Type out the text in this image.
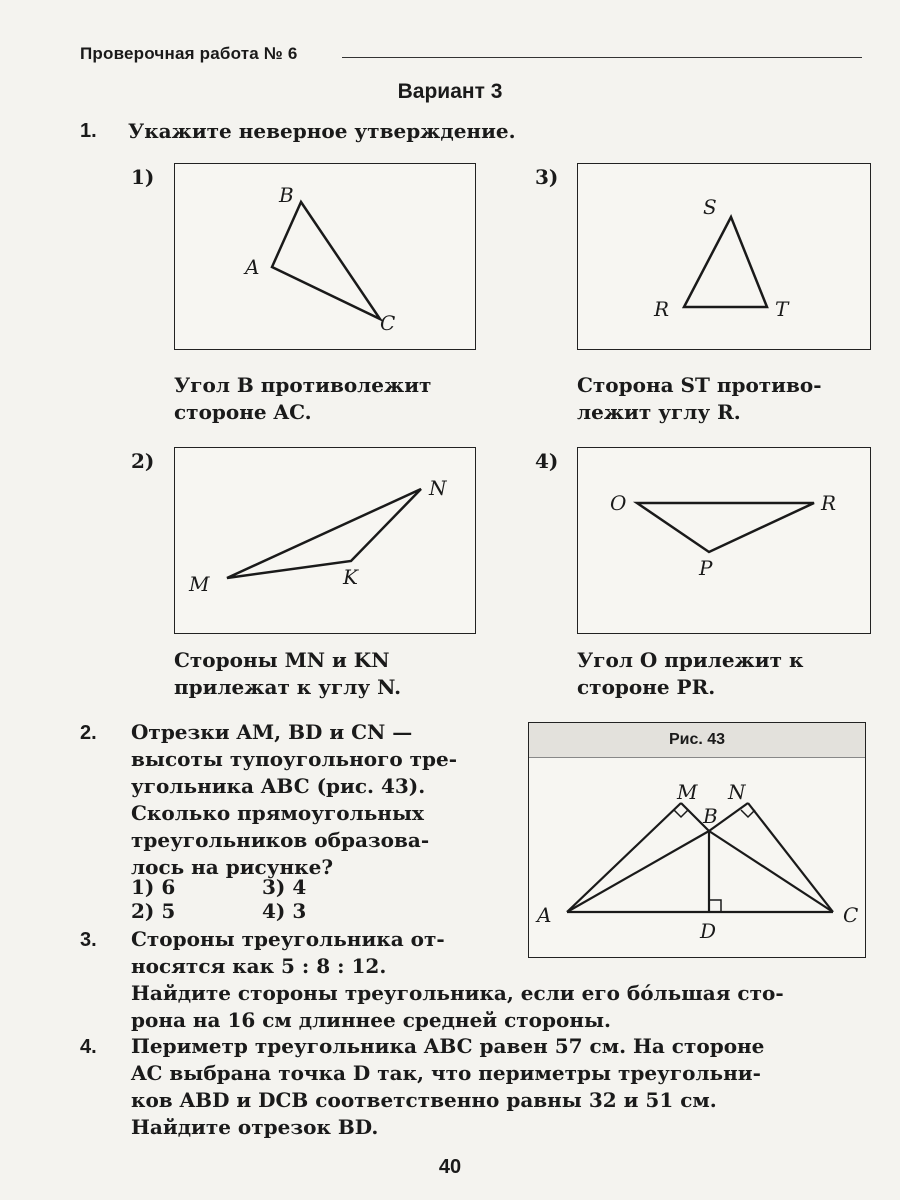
Проверочная работа № 6
Вариант 3
1. Укажите неверное утверждение.
1)
B
A
C
Угол B противолежит
стороне AC.
3)
S
R	T
Сторона ST противо-
лежит углу R.
2)
M
N
K
Стороны MN и KN
прилежат к углу N.
4)
O	R
P
Угол O прилежит к
стороне PR.
2. Отрезки AM, BD и CN —
высоты тупоугольного тре-
угольника ABC (рис. 43).
Сколько прямоугольных
треугольников образова-
лось на рисунке?
1) 6	3) 4
2) 5	4) 3
Рис. 43
M N
B
A	C
D
3. Стороны треугольника от-
носятся как 5 : 8 : 12.
Найдите стороны треугольника, если его бóльшая сто-
рона на 16 см длиннее средней стороны.
4. Периметр треугольника ABC равен 57 см. На стороне
AC выбрана точка D так, что периметры треугольни-
ков ABD и DCB соответственно равны 32 и 51 см.
Найдите отрезок BD.
40
